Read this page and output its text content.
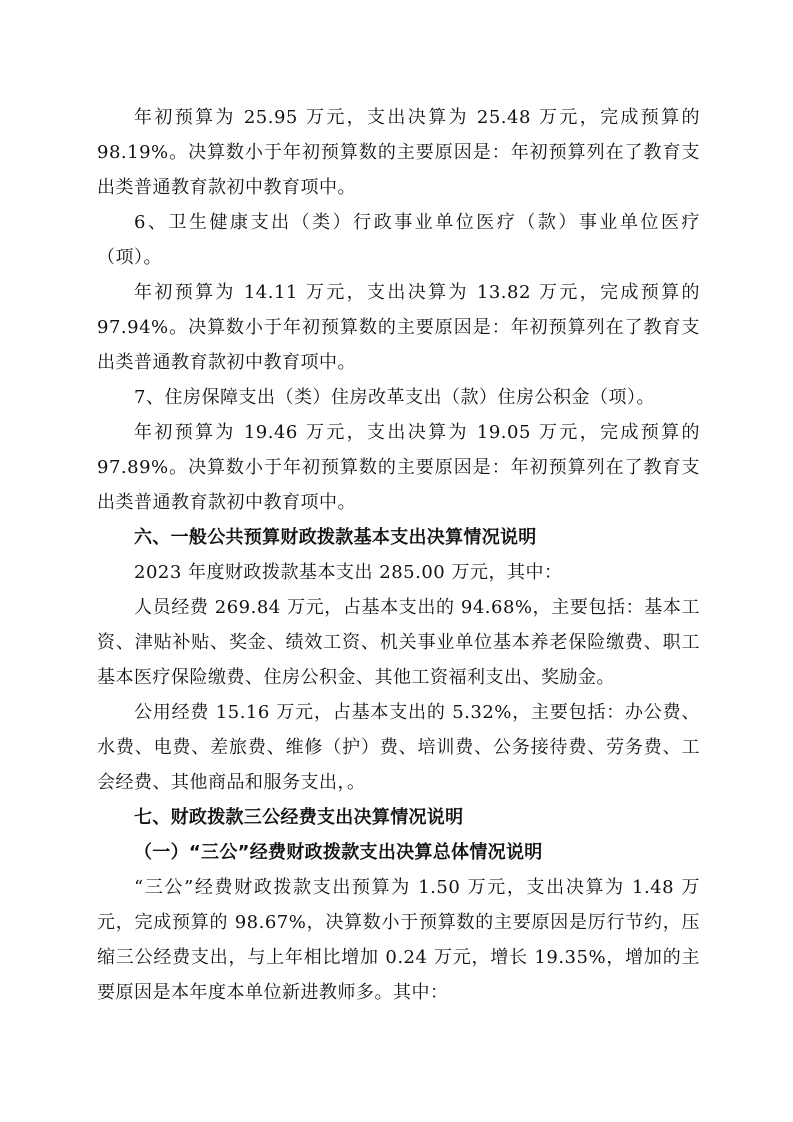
年初预算为 25.95 万元，支出决算为 25.48 万元，完成预算的98.19%。决算数小于年初预算数的主要原因是：年初预算列在了教育支出类普通教育款初中教育项中。

6、卫生健康支出（类）行政事业单位医疗（款）事业单位医疗（项）。

年初预算为 14.11 万元，支出决算为 13.82 万元，完成预算的97.94%。决算数小于年初预算数的主要原因是：年初预算列在了教育支出类普通教育款初中教育项中。

7、住房保障支出（类）住房改革支出（款）住房公积金（项）。

年初预算为 19.46 万元，支出决算为 19.05 万元，完成预算的97.89%。决算数小于年初预算数的主要原因是：年初预算列在了教育支出类普通教育款初中教育项中。

六、一般公共预算财政拨款基本支出决算情况说明

2023 年度财政拨款基本支出 285.00 万元，其中：

人员经费 269.84 万元，占基本支出的 94.68%，主要包括：基本工资、津贴补贴、奖金、绩效工资、机关事业单位基本养老保险缴费、职工基本医疗保险缴费、住房公积金、其他工资福利支出、奖励金。

公用经费 15.16 万元，占基本支出的 5.32%，主要包括：办公费、水费、电费、差旅费、维修（护）费、培训费、公务接待费、劳务费、工会经费、其他商品和服务支出，。

七、财政拨款三公经费支出决算情况说明

（一）“三公”经费财政拨款支出决算总体情况说明

“三公”经费财政拨款支出预算为 1.50 万元，支出决算为 1.48 万元，完成预算的 98.67%，决算数小于预算数的主要原因是厉行节约，压缩三公经费支出，与上年相比增加 0.24 万元，增长 19.35%，增加的主要原因是本年度本单位新进教师多。其中：
